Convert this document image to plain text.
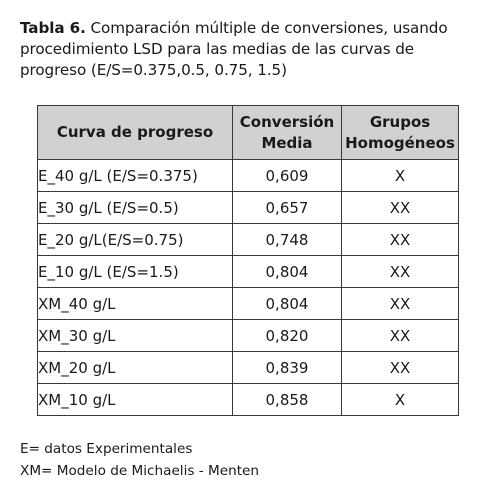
Tabla 6. Comparación múltiple de conversiones, usando procedimiento LSD para las medias de las curvas de progreso (E/S=0.375,0.5, 0.75, 1.5)
Curva de progreso	Conversión Media	Grupos Homogéneos
E_40 g/L (E/S=0.375)	0,609	X
E_30 g/L (E/S=0.5)	0,657	XX
E_20 g/L(E/S=0.75)	0,748	XX
E_10 g/L (E/S=1.5)	0,804	XX
XM_40 g/L	0,804	XX
XM_30 g/L	0,820	XX
XM_20 g/L	0,839	XX
XM_10 g/L	0,858	X
E= datos Experimentales
XM= Modelo de Michaelis - Menten
